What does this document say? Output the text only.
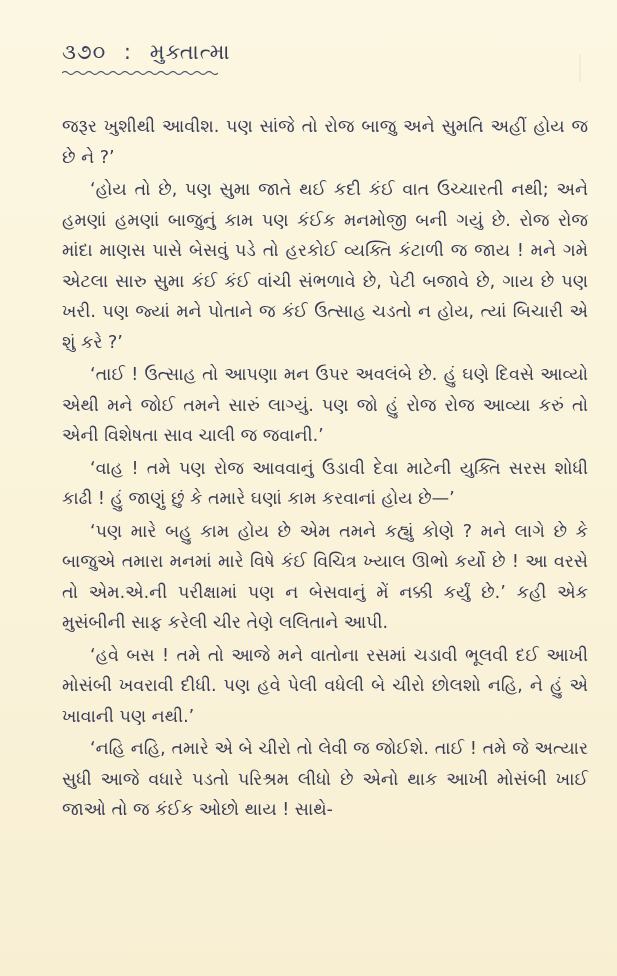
૩૭૦ : મુક્તાત્મા

જરૂર ખુશીથી આવીશ. પણ સાંજે તો રોજ બાજુ અને સુમતિ અહીં હોય જ છે ને ?’

‘હોય તો છે, પણ સુમા જાતે થઈ કદી કંઈ વાત ઉચ્ચારતી નથી; અને હમણાં હમણાં બાજુનું કામ પણ કંઈક મનમોજી બની ગયું છે. રોજ રોજ માંદા માણસ પાસે બેસવું પડે તો હરકોઈ વ્યક્તિ કંટાળી જ જાય ! મને ગમે એટલા સારુ સુમા કંઈ કંઈ વાંચી સંભળાવે છે, પેટી બજાવે છે, ગાય છે પણ ખરી. પણ જ્યાં મને પોતાને જ કંઈ ઉત્સાહ ચડતો ન હોય, ત્યાં બિચારી એ શું કરે ?’

‘તાઈ ! ઉત્સાહ તો આપણા મન ઉપર અવલંબે છે. હું ઘણે દિવસે આવ્યો એથી મને જોઈ તમને સારું લાગ્યું. પણ જો હું રોજ રોજ આવ્યા કરું તો એની વિશેષતા સાવ ચાલી જ જવાની.’

‘વાહ ! તમે પણ રોજ આવવાનું ઉડાવી દેવા માટેની યુક્તિ સરસ શોધી કાઢી ! હું જાણું છું કે તમારે ઘણાં કામ કરવાનાં હોય છે—’

‘પણ મારે બહુ કામ હોય છે એમ તમને કહ્યું કોણે ? મને લાગે છે કે બાજુએ તમારા મનમાં મારે વિષે કંઈ વિચિત્ર ખ્યાલ ઊભો કર્યો છે ! આ વરસે તો એમ.એ.ની પરીક્ષામાં પણ ન બેસવાનું મેં નક્કી કર્યું છે.’ કહી એક મુસંબીની સાફ કરેલી ચીર તેણે લલિતાને આપી.

‘હવે બસ ! તમે તો આજે મને વાતોના રસમાં ચડાવી ભૂલવી દઈ આખી મોસંબી ખવરાવી દીધી. પણ હવે પેલી વધેલી બે ચીરો છોલશો નહિ, ને હું એ ખાવાની પણ નથી.’

‘નહિ નહિ, તમારે એ બે ચીરો તો લેવી જ જોઈશે. તાઈ ! તમે જે અત્યાર સુધી આજે વધારે પડતો પરિશ્રમ લીધો છે એનો થાક આખી મોસંબી ખાઈ જાઓ તો જ કંઈક ઓછો થાય ! સાથે-
